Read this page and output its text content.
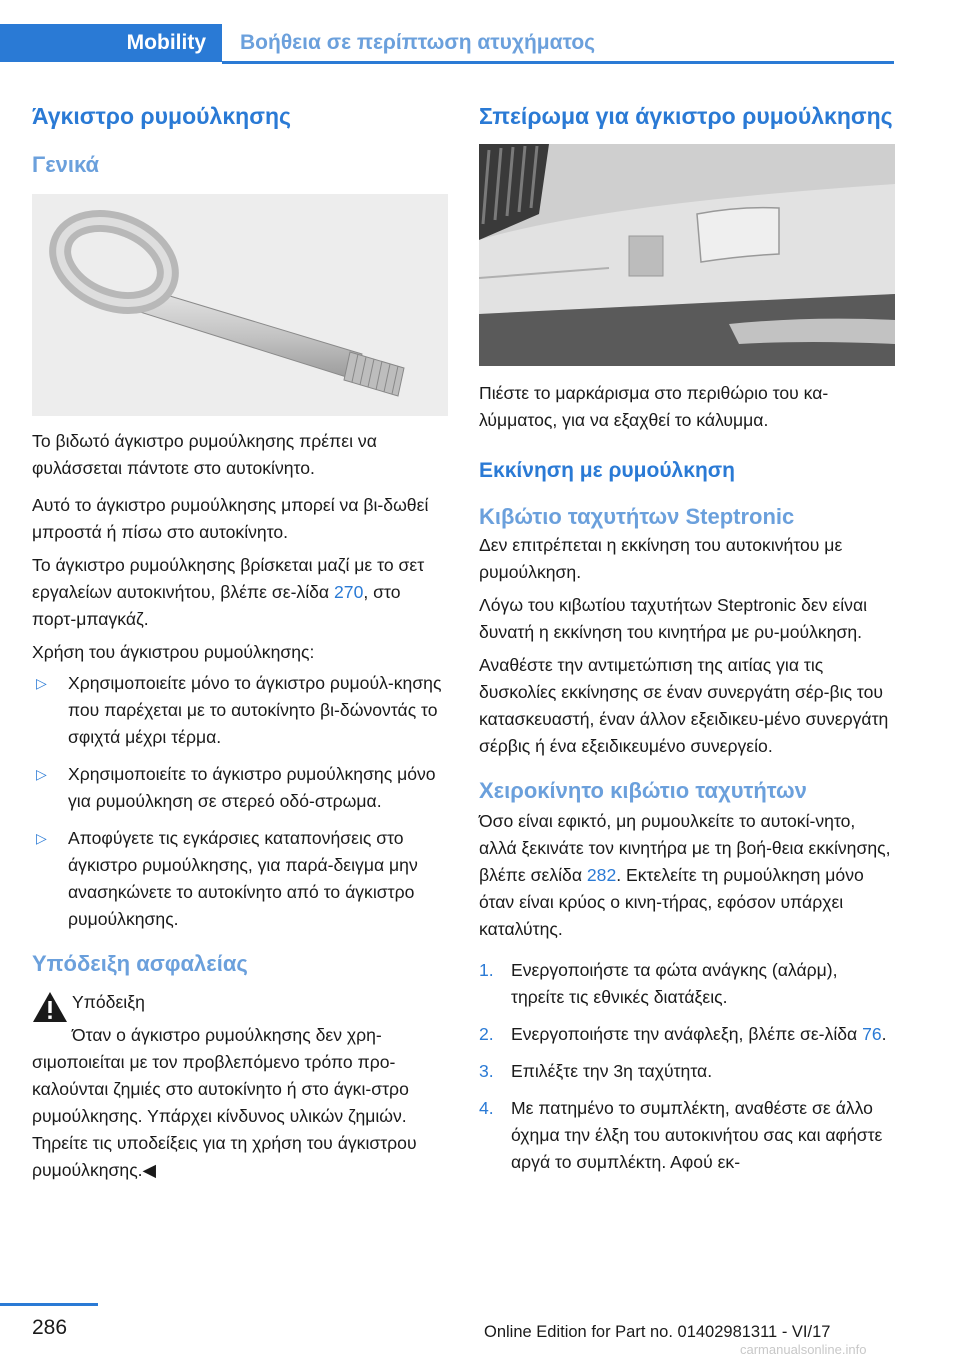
Mobility	Βοήθεια σε περίπτωση ατυχήματος
Άγκιστρο ρυμούλκησης
Γενικά

Το βιδωτό άγκιστρο ρυμούλκησης πρέπει να φυλάσσεται πάντοτε στο αυτοκίνητο.

Αυτό το άγκιστρο ρυμούλκησης μπορεί να βι-δωθεί μπροστά ή πίσω στο αυτοκίνητο.

Το άγκιστρο ρυμούλκησης βρίσκεται μαζί με το σετ εργαλείων αυτοκινήτου, βλέπε σε-λίδα 270, στο πορτ-μπαγκάζ.

Χρήση του άγκιστρου ρυμούλκησης:

▷ Χρησιμοποιείτε μόνο το άγκιστρο ρυμούλ-κησης που παρέχεται με το αυτοκίνητο βι-δώνοντάς το σφιχτά μέχρι τέρμα.
▷ Χρησιμοποιείτε το άγκιστρο ρυμούλκησης μόνο για ρυμούλκηση σε στερεό οδό-στρωμα.
▷ Αποφύγετε τις εγκάρσιες καταπονήσεις στο άγκιστρο ρυμούλκησης, για παρά-δειγμα μην ανασηκώνετε το αυτοκίνητο από το άγκιστρο ρυμούλκησης.
Υπόδειξη ασφαλείας

Υπόδειξη

Όταν ο άγκιστρο ρυμούλκησης δεν χρη-

σιμοποιείται με τον προβλεπόμενο τρόπο προ-καλούνται ζημιές στο αυτοκίνητο ή στο άγκι-στρο ρυμούλκησης. Υπάρχει κίνδυνος υλικών ζημιών. Τηρείτε τις υποδείξεις για τη χρήση του άγκιστρου ρυμούλκησης.◀

Σπείρωμα για άγκιστρο ρυμούλκησης

Πιέστε το μαρκάρισμα στο περιθώριο του κα-λύμματος, για να εξαχθεί το κάλυμμα.

Εκκίνηση με ρυμούλκηση
Κιβώτιο ταχυτήτων Steptronic

Δεν επιτρέπεται η εκκίνηση του αυτοκινήτου με ρυμούλκηση.

Λόγω του κιβωτίου ταχυτήτων Steptronic δεν είναι δυνατή η εκκίνηση του κινητήρα με ρυ-μούλκηση.

Αναθέστε την αντιμετώπιση της αιτίας για τις δυσκολίες εκκίνησης σε έναν συνεργάτη σέρ-βις του κατασκευαστή, έναν άλλον εξειδικευ-μένο συνεργάτη σέρβις ή ένα εξειδικευμένο συνεργείο.

Χειροκίνητο κιβώτιο ταχυτήτων

Όσο είναι εφικτό, μη ρυμουλκείτε το αυτοκί-νητο, αλλά ξεκινάτε τον κινητήρα με τη βοή-θεια εκκίνησης, βλέπε σελίδα 282. Εκτελείτε τη ρυμούλκηση μόνο όταν είναι κρύος ο κινη-τήρας, εφόσον υπάρχει καταλύτης.

1. Ενεργοποιήστε τα φώτα ανάγκης (αλάρμ), τηρείτε τις εθνικές διατάξεις.
2. Ενεργοποιήστε την ανάφλεξη, βλέπε σε-λίδα 76.
3. Επιλέξτε την 3η ταχύτητα.
4. Με πατημένο το συμπλέκτη, αναθέστε σε άλλο όχημα την έλξη του αυτοκινήτου σας και αφήστε αργά το συμπλέκτη. Αφού εκ-
286	Online Edition for Part no. 01402981311 - VI/17
carmanualsonline.info
